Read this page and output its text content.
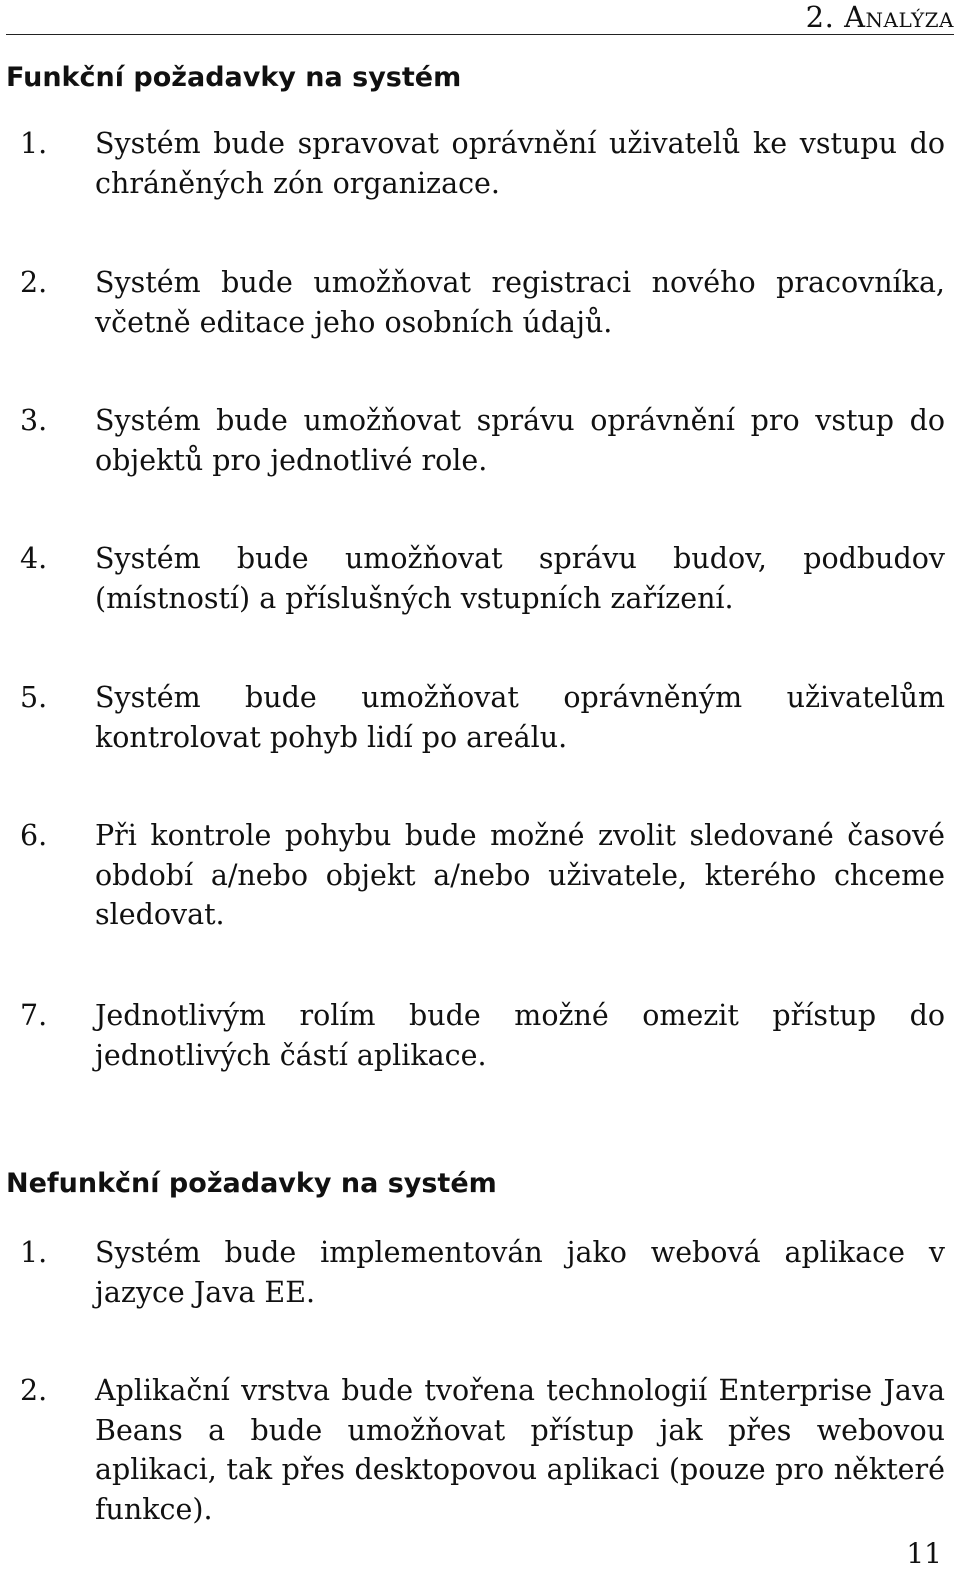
2. Analýza
Funkční požadavky na systém
1. Systém bude spravovat oprávnění uživatelů ke vstupu do chráněných zón organizace.
2. Systém bude umožňovat registraci nového pracovníka, včetně editace jeho osobních údajů.
3. Systém bude umožňovat správu oprávnění pro vstup do objektů pro jednotlivé role.
4. Systém bude umožňovat správu budov, podbudov (místností) a příslušných vstupních zařízení.
5. Systém bude umožňovat oprávněným uživatelům kontrolovat pohyb lidí po areálu.
6. Při kontrole pohybu bude možné zvolit sledované časové období a/nebo objekt a/nebo uživatele, kterého chceme sledovat.
7. Jednotlivým rolím bude možné omezit přístup do jednotlivých částí aplikace.
Nefunkční požadavky na systém
1. Systém bude implementován jako webová aplikace v jazyce Java EE.
2. Aplikační vrstva bude tvořena technologií Enterprise Java Beans a bude umožňovat přístup jak přes webovou aplikaci, tak přes desktopovou aplikaci (pouze pro některé funkce).
11
